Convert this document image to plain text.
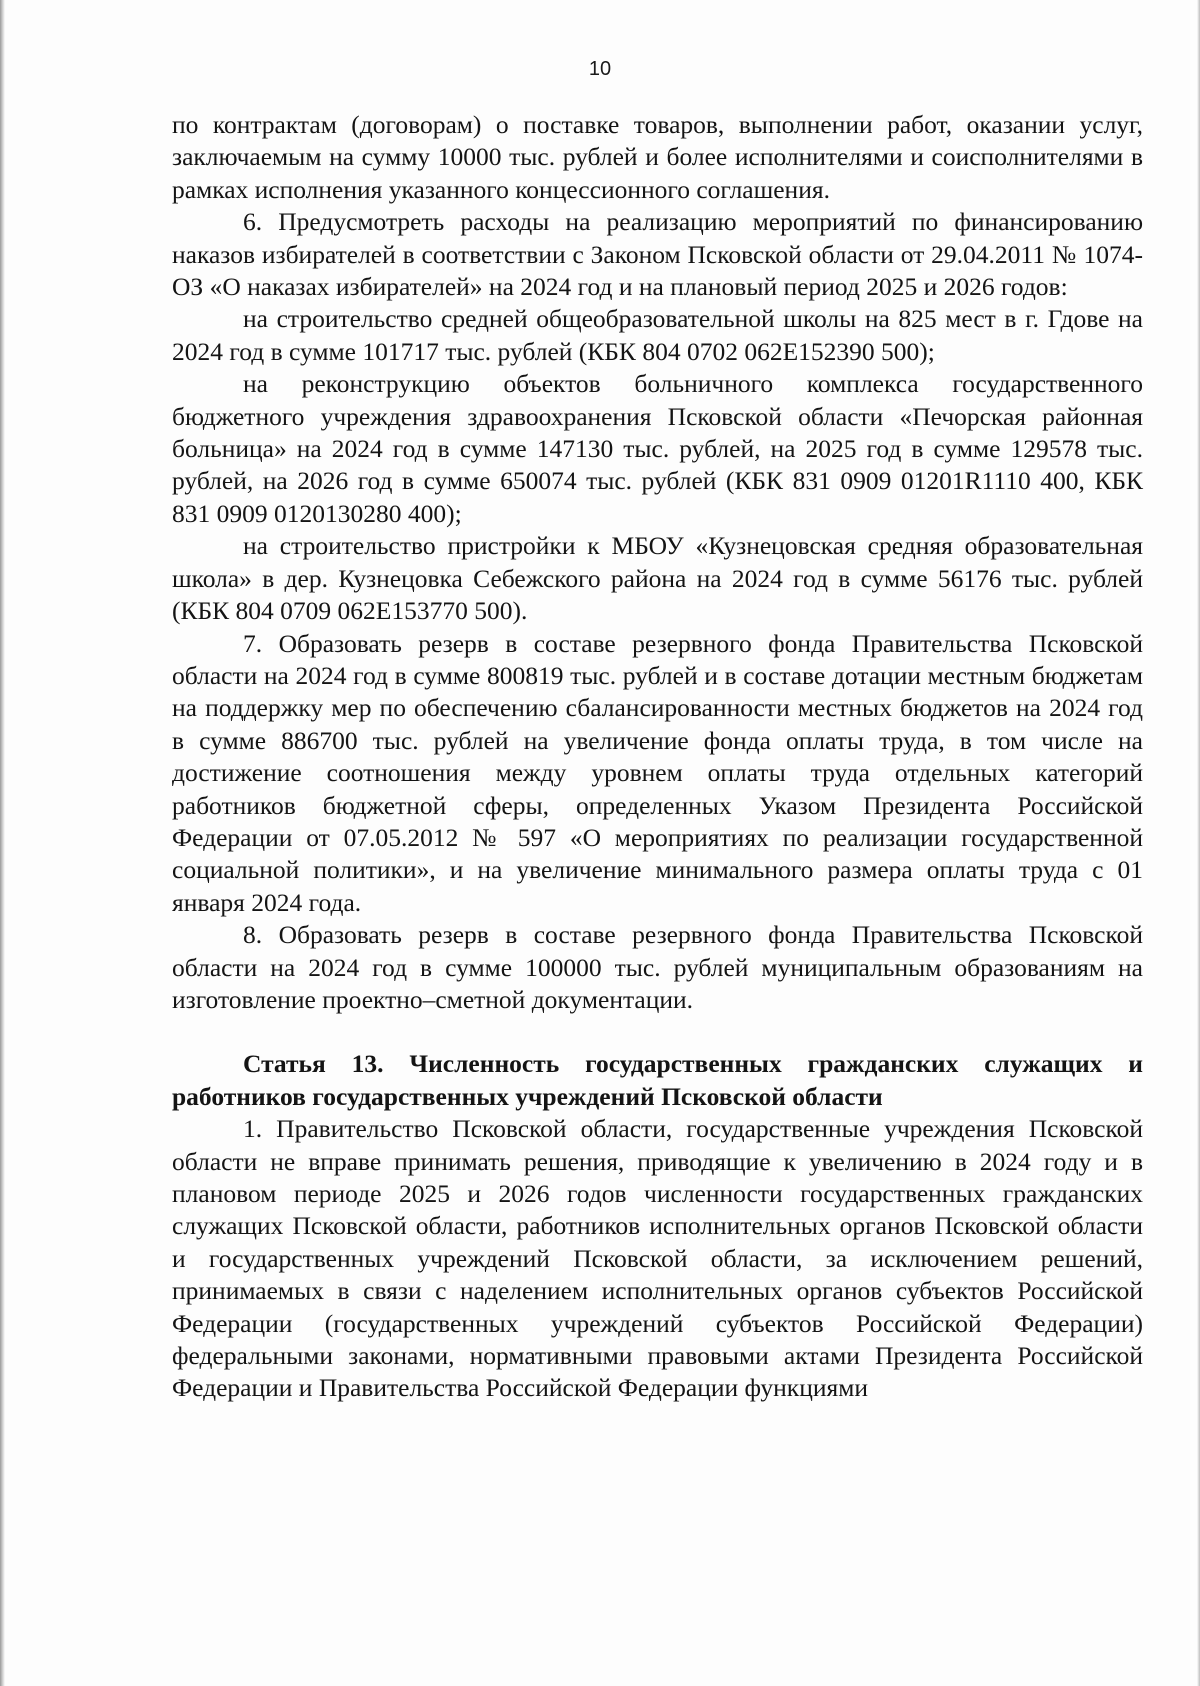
10

по контрактам (договорам) о поставке товаров, выполнении работ, оказании услуг, заключаемым на сумму 10000 тыс. рублей и более исполнителями и соисполнителями в рамках исполнения указанного концессионного соглашения.

6. Предусмотреть расходы на реализацию мероприятий по финансированию наказов избирателей в соответствии с Законом Псковской области от 29.04.2011 № 1074-ОЗ «О наказах избирателей» на 2024 год и на плановый период 2025 и 2026 годов:

на строительство средней общеобразовательной школы на 825 мест в г. Гдове на 2024 год в сумме 101717 тыс. рублей (КБК 804 0702 062Е152390 500);

на реконструкцию объектов больничного комплекса государственного бюджетного учреждения здравоохранения Псковской области «Печорская районная больница» на 2024 год в сумме 147130 тыс. рублей, на 2025 год в сумме 129578 тыс. рублей, на 2026 год в сумме 650074 тыс. рублей (КБК 831 0909 01201R1110 400, КБК 831 0909 0120130280 400);

на строительство пристройки к МБОУ «Кузнецовская средняя образовательная школа» в дер. Кузнецовка Себежского района на 2024 год в сумме 56176 тыс. рублей (КБК 804 0709 062Е153770 500).

7. Образовать резерв в составе резервного фонда Правительства Псковской области на 2024 год в сумме 800819 тыс. рублей и в составе дотации местным бюджетам на поддержку мер по обеспечению сбалансированности местных бюджетов на 2024 год в сумме 886700 тыс. рублей на увеличение фонда оплаты труда, в том числе на достижение соотношения между уровнем оплаты труда отдельных категорий работников бюджетной сферы, определенных Указом Президента Российской Федерации от 07.05.2012 № 597 «О мероприятиях по реализации государственной социальной политики», и на увеличение минимального размера оплаты труда с 01 января 2024 года.

8. Образовать резерв в составе резервного фонда Правительства Псковской области на 2024 год в сумме 100000 тыс. рублей муниципальным образованиям на изготовление проектно–сметной документации.

Статья 13. Численность государственных гражданских служащих и работников государственных учреждений Псковской области

1. Правительство Псковской области, государственные учреждения Псковской области не вправе принимать решения, приводящие к увеличению в 2024 году и в плановом периоде 2025 и 2026 годов численности государственных гражданских служащих Псковской области, работников исполнительных органов Псковской области и государственных учреждений Псковской области, за исключением решений, принимаемых в связи с наделением исполнительных органов субъектов Российской Федерации (государственных учреждений субъектов Российской Федерации) федеральными законами, нормативными правовыми актами Президента Российской Федерации и Правительства Российской Федерации функциями
